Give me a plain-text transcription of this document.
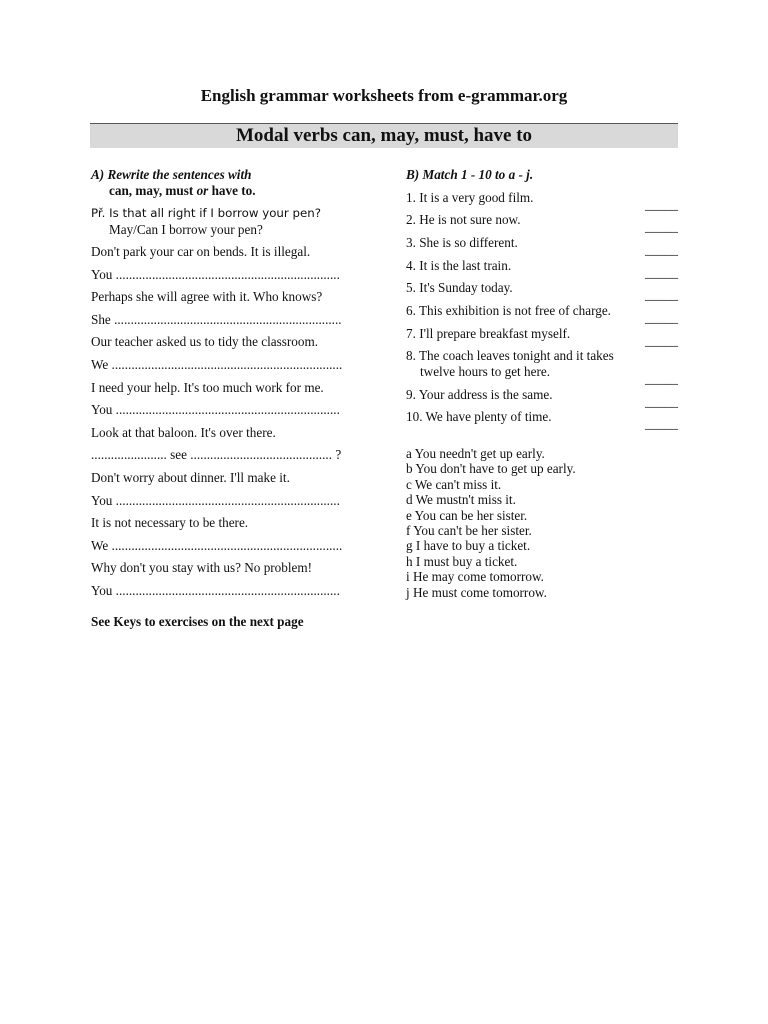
English grammar worksheets from e-grammar.org
Modal verbs can, may, must, have to
A) Rewrite the sentences with
can, may, must or have to.
Př. Is that all right if I borrow your pen?
May/Can I borrow your pen?
Don't park your car on bends. It is illegal.
You ....................................................................
Perhaps she will agree with it. Who knows?
She .....................................................................
Our teacher asked us to tidy the classroom.
We ......................................................................
I need your help. It's too much work for me.
You ....................................................................
Look at that baloon. It's over there.
....................... see ........................................... ?
Don't worry about dinner. I'll make it.
You ....................................................................
It is not necessary to be there.
We ......................................................................
Why don't you stay with us? No problem!
You ....................................................................
See Keys to exercises on the next page
B) Match 1 - 10 to a - j.
1. It is a very good film.	_____
2. He is not sure now.	_____
3. She is so different.	_____
4. It is the last train.	_____
5. It's Sunday today.	_____
6. This exhibition is not free of charge.	_____
7. I'll prepare breakfast myself.	_____
8. The coach leaves tonight and it takes
twelve hours to get here.	_____
9. Your address is the same.	_____
10. We have plenty of time.	_____
a You needn't get up early.
b You don't have to get up early.
c We can't miss it.
d We mustn't miss it.
e You can be her sister.
f You can't be her sister.
g I have to buy a ticket.
h I must buy a ticket.
i He may come tomorrow.
j He must come tomorrow.
